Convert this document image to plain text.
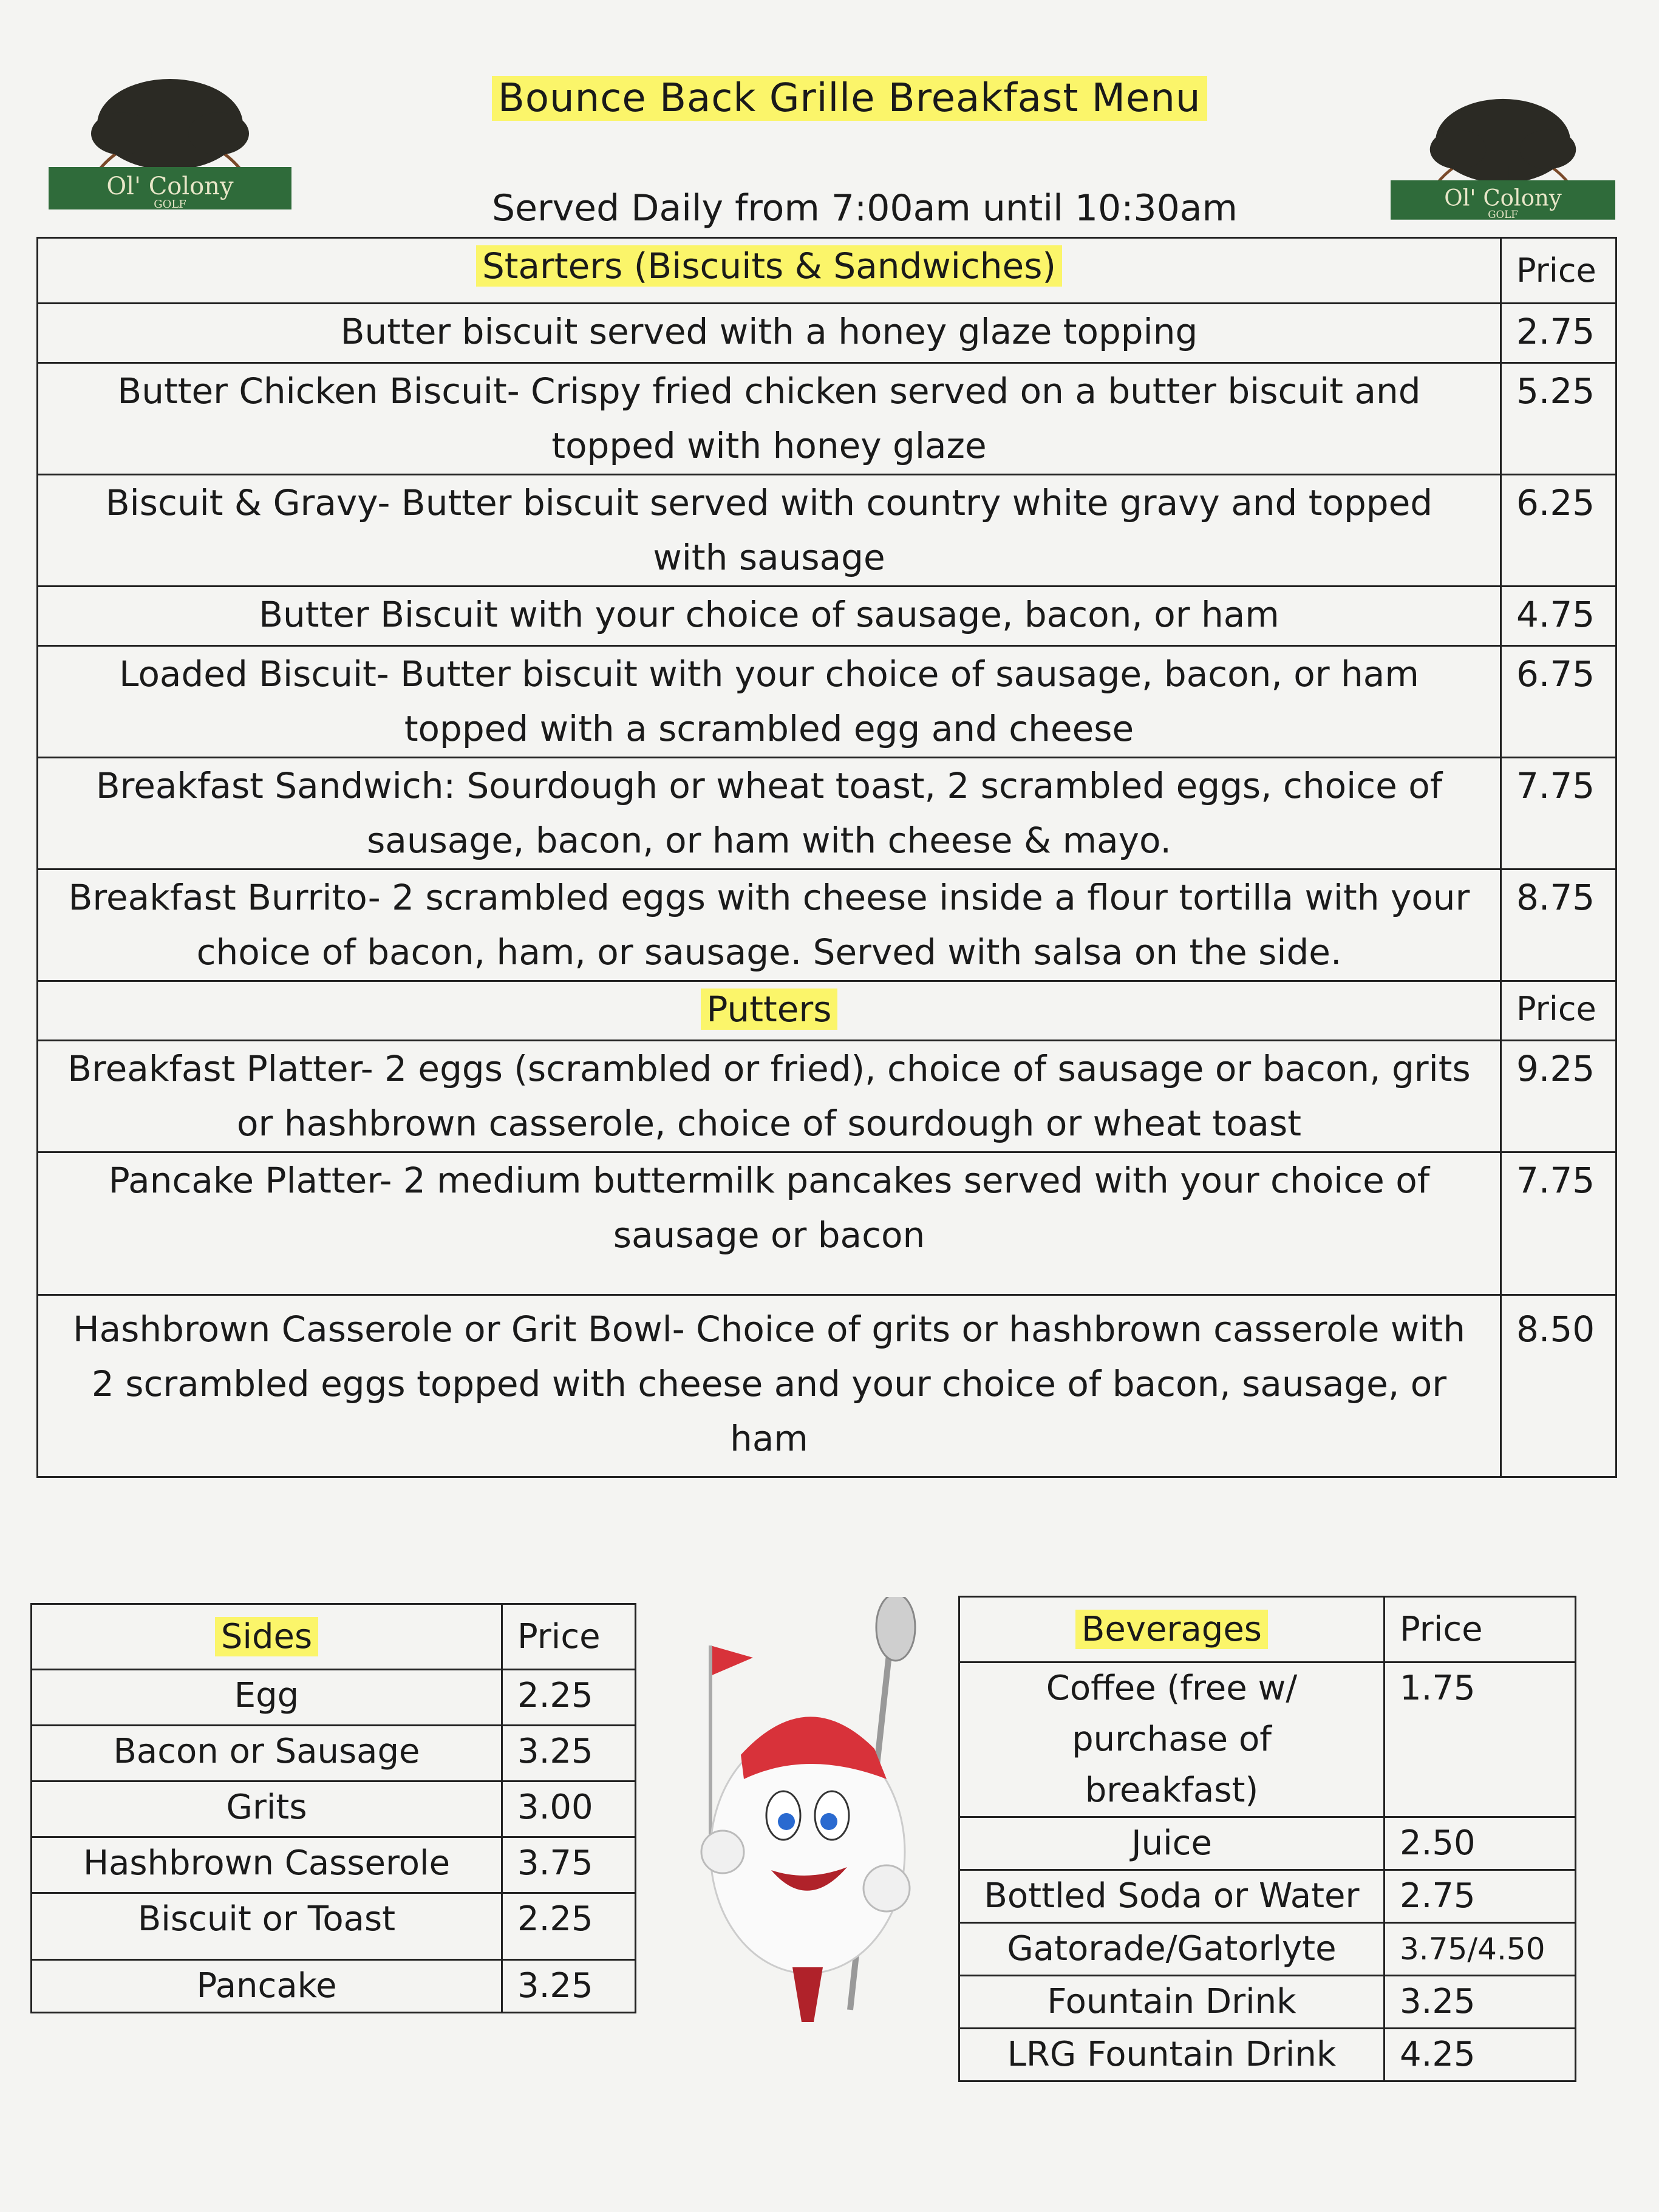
Ol' Colony
GOLF	Ol' Colony
GOLF
Bounce Back Grille Breakfast Menu
Served Daily from 7:00am until 10:30am
Starters (Biscuits & Sandwiches)	Price
Butter biscuit served with a honey glaze topping	2.75
Butter Chicken Biscuit- Crispy fried chicken served on a butter biscuit and topped with honey glaze	5.25
Biscuit & Gravy- Butter biscuit served with country white gravy and topped with sausage	6.25
Butter Biscuit with your choice of sausage, bacon, or ham	4.75
Loaded Biscuit- Butter biscuit with your choice of sausage, bacon, or ham topped with a scrambled egg and cheese	6.75
Breakfast Sandwich: Sourdough or wheat toast, 2 scrambled eggs, choice of sausage, bacon, or ham with cheese & mayo.	7.75
Breakfast Burrito- 2 scrambled eggs with cheese inside a flour tortilla with your choice of bacon, ham, or sausage. Served with salsa on the side.	8.75
Putters	Price
Breakfast Platter- 2 eggs (scrambled or fried), choice of sausage or bacon, grits or hashbrown casserole, choice of sourdough or wheat toast	9.25
Pancake Platter- 2 medium buttermilk pancakes served with your choice of sausage or bacon	7.75
Hashbrown Casserole or Grit Bowl- Choice of grits or hashbrown casserole with 2 scrambled eggs topped with cheese and your choice of bacon, sausage, or ham	8.50
Sides	Price
Egg	2.25
Bacon or Sausage	3.25
Grits	3.00
Hashbrown Casserole	3.75
Biscuit or Toast	2.25
Pancake	3.25
Beverages	Price
Coffee (free w/ purchase of breakfast)	1.75
Juice	2.50
Bottled Soda or Water	2.75
Gatorade/Gatorlyte	3.75/4.50
Fountain Drink	3.25
LRG Fountain Drink	4.25
